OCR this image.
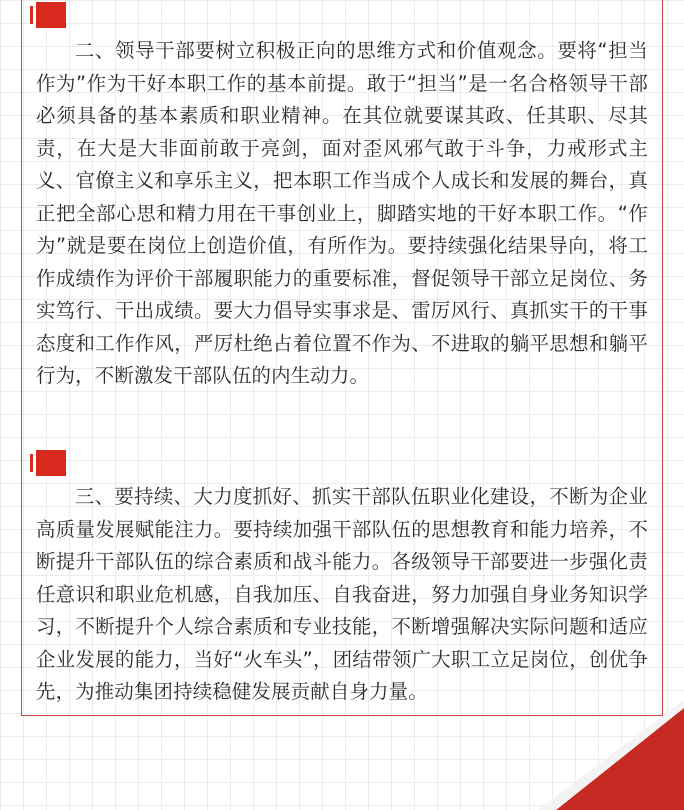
二、领导干部要树立积极正向的思维方式和价值观念。要将“担当作为”作为干好本职工作的基本前提。敢于“担当”是一名合格领导干部必须具备的基本素质和职业精神。在其位就要谋其政、任其职、尽其责，在大是大非面前敢于亮剑，面对歪风邪气敢于斗争，力戒形式主义、官僚主义和享乐主义，把本职工作当成个人成长和发展的舞台，真正把全部心思和精力用在干事创业上，脚踏实地的干好本职工作。“作为”就是要在岗位上创造价值，有所作为。要持续强化结果导向，将工作成绩作为评价干部履职能力的重要标准，督促领导干部立足岗位、务实笃行、干出成绩。要大力倡导实事求是、雷厉风行、真抓实干的干事态度和工作作风，严厉杜绝占着位置不作为、不进取的躺平思想和躺平行为，不断激发干部队伍的内生动力。

三、要持续、大力度抓好、抓实干部队伍职业化建设，不断为企业高质量发展赋能注力。要持续加强干部队伍的思想教育和能力培养，不断提升干部队伍的综合素质和战斗能力。各级领导干部要进一步强化责任意识和职业危机感，自我加压、自我奋进，努力加强自身业务知识学习，不断提升个人综合素质和专业技能，不断增强解决实际问题和适应企业发展的能力，当好“火车头”，团结带领广大职工立足岗位，创优争先，为推动集团持续稳健发展贡献自身力量。
